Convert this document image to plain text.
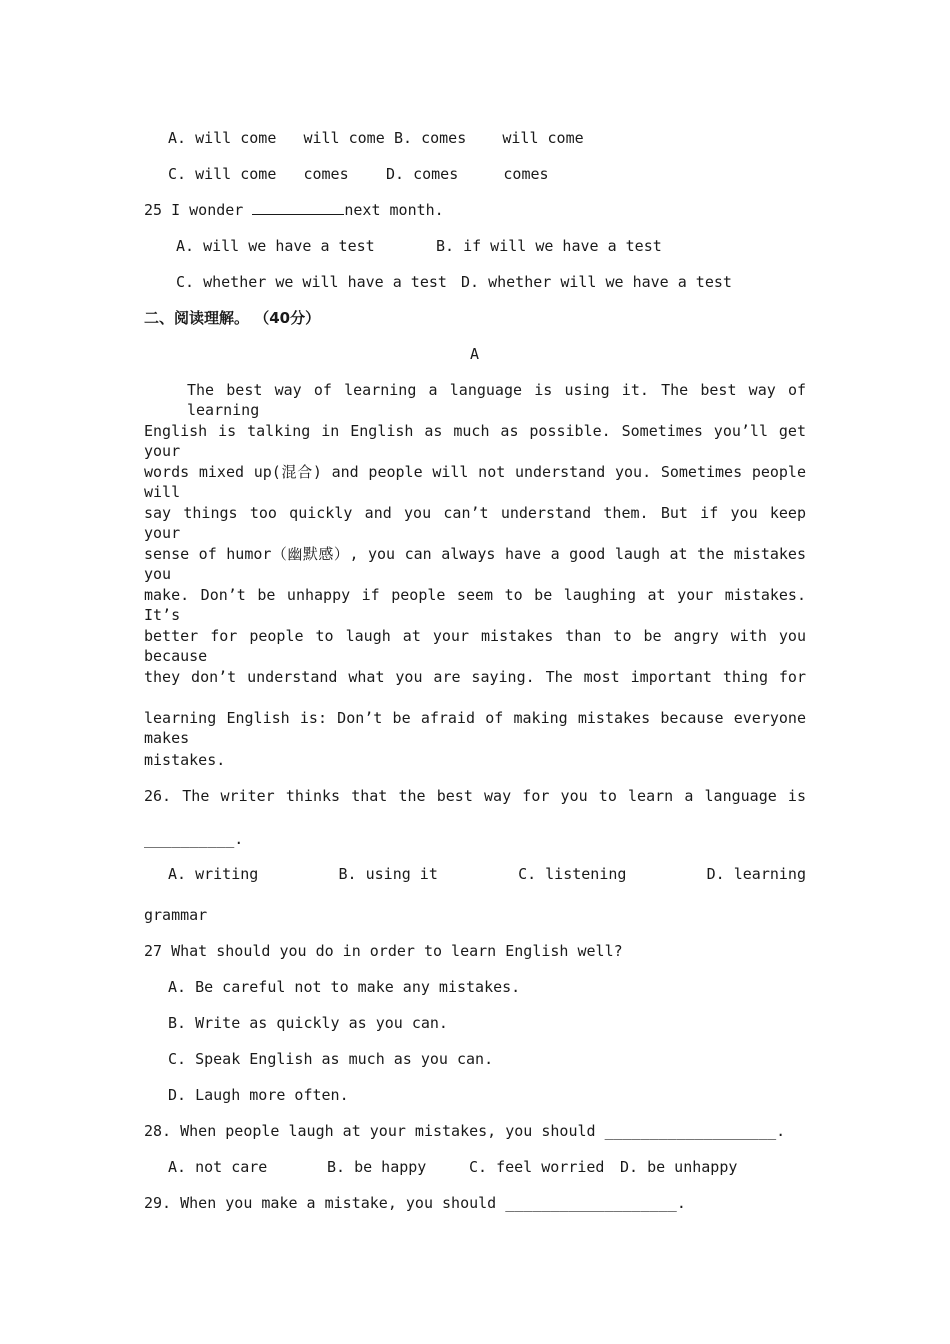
A. will come   will come B. comes    will come
C. will come   comes D. comes     comes
25 I wonder	next month.
A. will we have a test	B. if will we have a test
C. whether we will have a test D. whether will we have a test
二、阅读理解。 （40分）
A
The best way of learning a language is using it. The best way of learning
English is talking in English as much as possible. Sometimes you’ll get your
words mixed up(混合) and people will not understand you. Sometimes people will
say things too quickly and you can’t understand them. But if you keep your
sense of humor（幽默感）, you can always have a good laugh at the mistakes you
make. Don’t be unhappy if people seem to be laughing at your mistakes. It’s
better for people to laugh at your mistakes than to be angry with you because
they don’t understand what you are saying. The most important thing for
learning English is: Don’t be afraid of making mistakes because everyone makes
mistakes.
26. The writer thinks that the best way for you to learn a language is
__________.
A. writing	B. using it	C. listening	D. learning
grammar
27 What should you do in order to learn English well?
A. Be careful not to make any mistakes.
B. Write as quickly as you can.
C. Speak English as much as you can.
D. Laugh more often.
28. When people laugh at your mistakes, you should ___________________.
A. not care	B. be happy	C. feel worried D. be unhappy
29. When you make a mistake, you should ___________________.
